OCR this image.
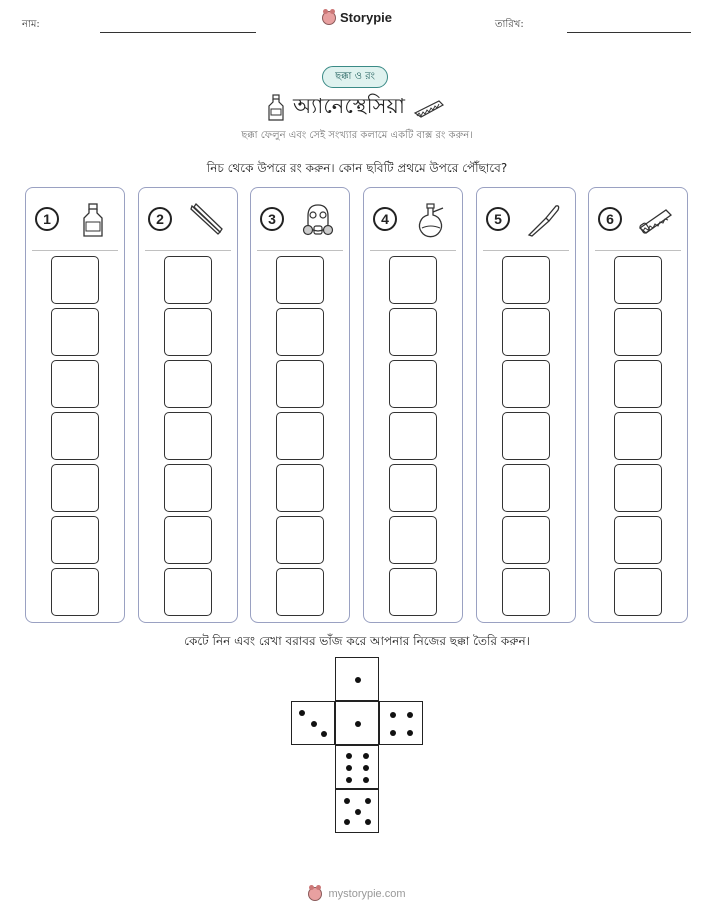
নাম:	Storypie	তারিখ:
ছক্কা ও রং
অ্যানেস্থেসিয়া
ছক্কা ফেলুন এবং সেই সংখ্যার কলামে একটি বাক্স রং করুন।
নিচ থেকে উপরে রং করুন। কোন ছবিটি প্রথমে উপরে পৌঁছাবে?
1	2	3	4	5	6
কেটে নিন এবং রেখা বরাবর ভাঁজ করে আপনার নিজের ছক্কা তৈরি করুন।
mystorypie.com
